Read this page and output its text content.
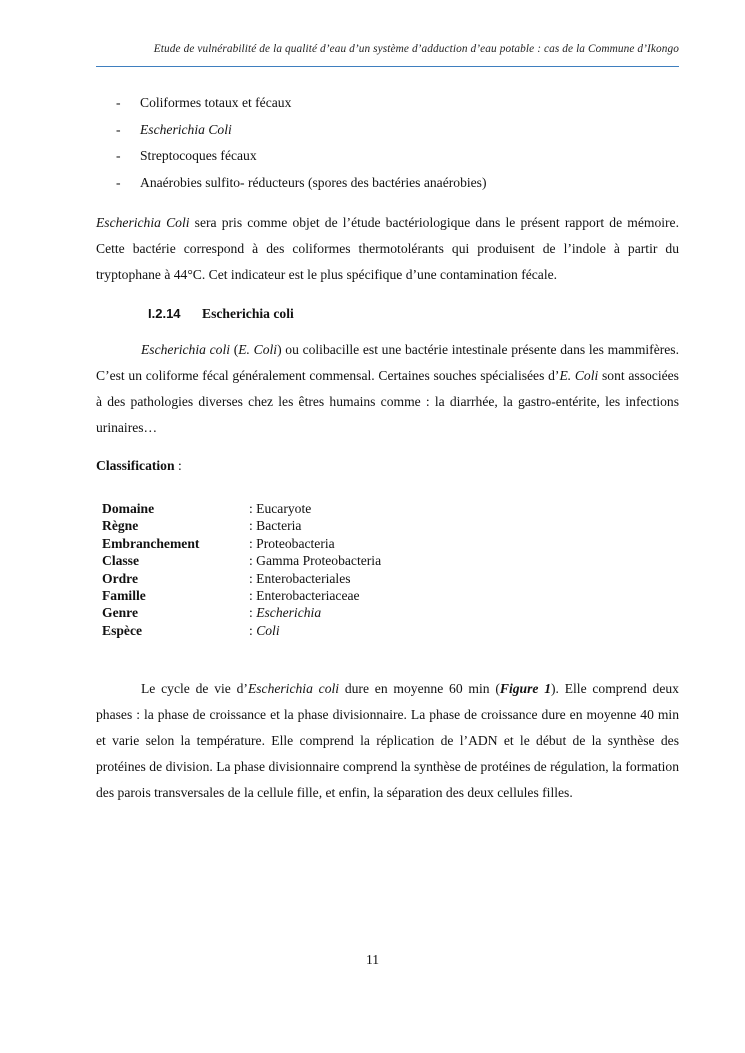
Etude de vulnérabilité de la qualité d’eau d’un système d’adduction d’eau potable : cas de la Commune d’Ikongo
-	Coliformes totaux et fécaux
-	Escherichia Coli
-	Streptocoques fécaux
-	Anaérobies sulfito- réducteurs (spores des bactéries anaérobies)

Escherichia Coli sera pris comme objet de l’étude bactériologique dans le présent rapport de mémoire. Cette bactérie correspond à des coliformes thermotolérants qui produisent de l’indole à partir du tryptophane à 44°C. Cet indicateur est le plus spécifique d’une contamination fécale.

I.2.14 Escherichia coli

Escherichia coli (E. Coli) ou colibacille est une bactérie intestinale présente dans les mammifères. C’est un coliforme fécal généralement commensal. Certaines souches spécialisées d’E. Coli sont associées à des pathologies diverses chez les êtres humains comme : la diarrhée, la gastro-entérite, les infections urinaires…

Classification :

Domaine	: Eucaryote
Règne	: Bacteria
Embranchement	: Proteobacteria
Classe	: Gamma Proteobacteria
Ordre	: Enterobacteriales
Famille	: Enterobacteriaceae
Genre	: Escherichia
Espèce	: Coli

Le cycle de vie d’Escherichia coli dure en moyenne 60 min (Figure 1). Elle comprend deux phases : la phase de croissance et la phase divisionnaire. La phase de croissance dure en moyenne 40 min et varie selon la température. Elle comprend la réplication de l’ADN et le début de la synthèse des protéines de division. La phase divisionnaire comprend la synthèse de protéines de régulation, la formation des parois transversales de la cellule fille, et enfin, la séparation des deux cellules filles.

11
